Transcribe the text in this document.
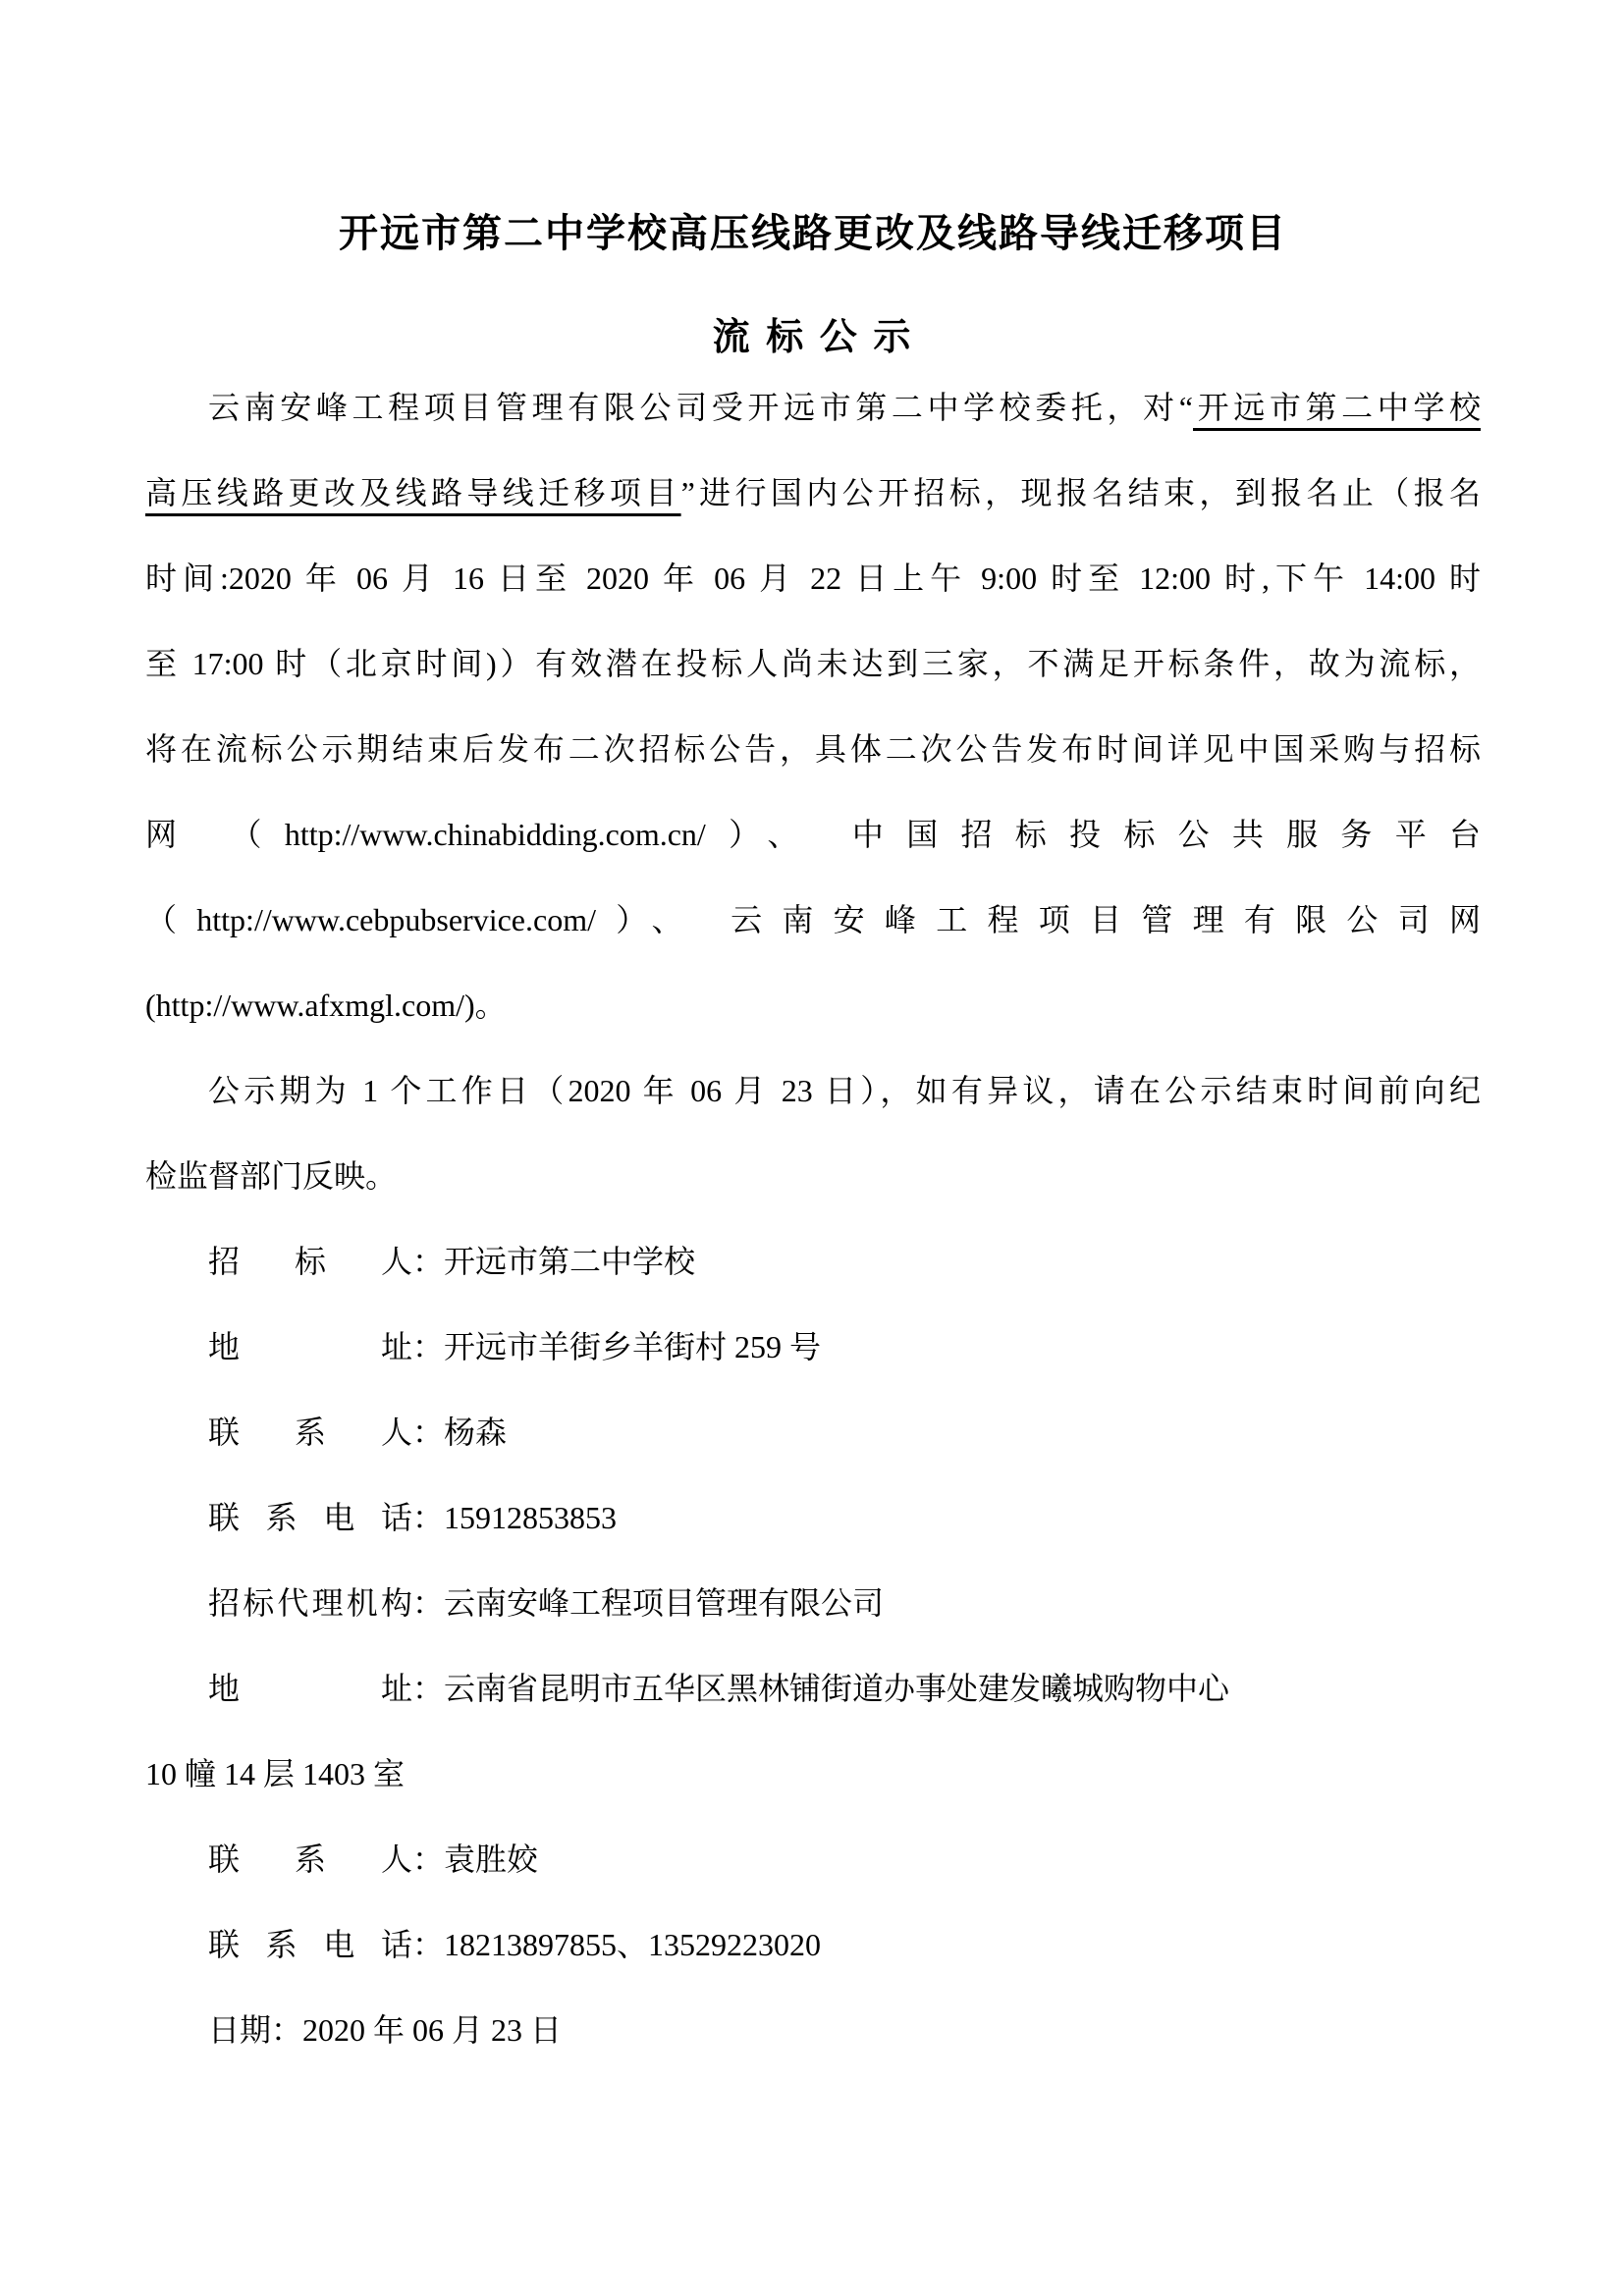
开远市第二中学校高压线路更改及线路导线迁移项目
流 标 公 示
云南安峰工程项目管理有限公司受开远市第二中学校委托，对“开远市第二中学校
高压线路更改及线路导线迁移项目”进行国内公开招标，现报名结束，到报名止（报名
时间:2020 年 06 月 16 日至 2020 年 06 月 22 日上午 9:00 时至 12:00 时,下午 14:00 时
至 17:00 时（北京时间)）有效潜在投标人尚未达到三家，不满足开标条件，故为流标，
将在流标公示期结束后发布二次招标公告，具体二次公告发布时间详见中国采购与招标
网 （http://www.chinabidding.com.cn/）、 中国招标投标公共服务平台
（http://www.cebpubservice.com/）、 云南安峰工程项目管理有限公司网
(http://www.afxmgl.com/)。
公示期为 1 个工作日（2020 年 06 月 23 日），如有异议，请在公示结束时间前向纪
检监督部门反映。
招标人：开远市第二中学校
地址：开远市羊街乡羊街村 259 号
联系人：杨森
联系电话：15912853853
招标代理机构：云南安峰工程项目管理有限公司
地址：云南省昆明市五华区黑林铺街道办事处建发曦城购物中心
10 幢 14 层 1403 室
联系人：袁胜姣
联系电话：18213897855、13529223020
日期：2020 年 06 月 23 日
